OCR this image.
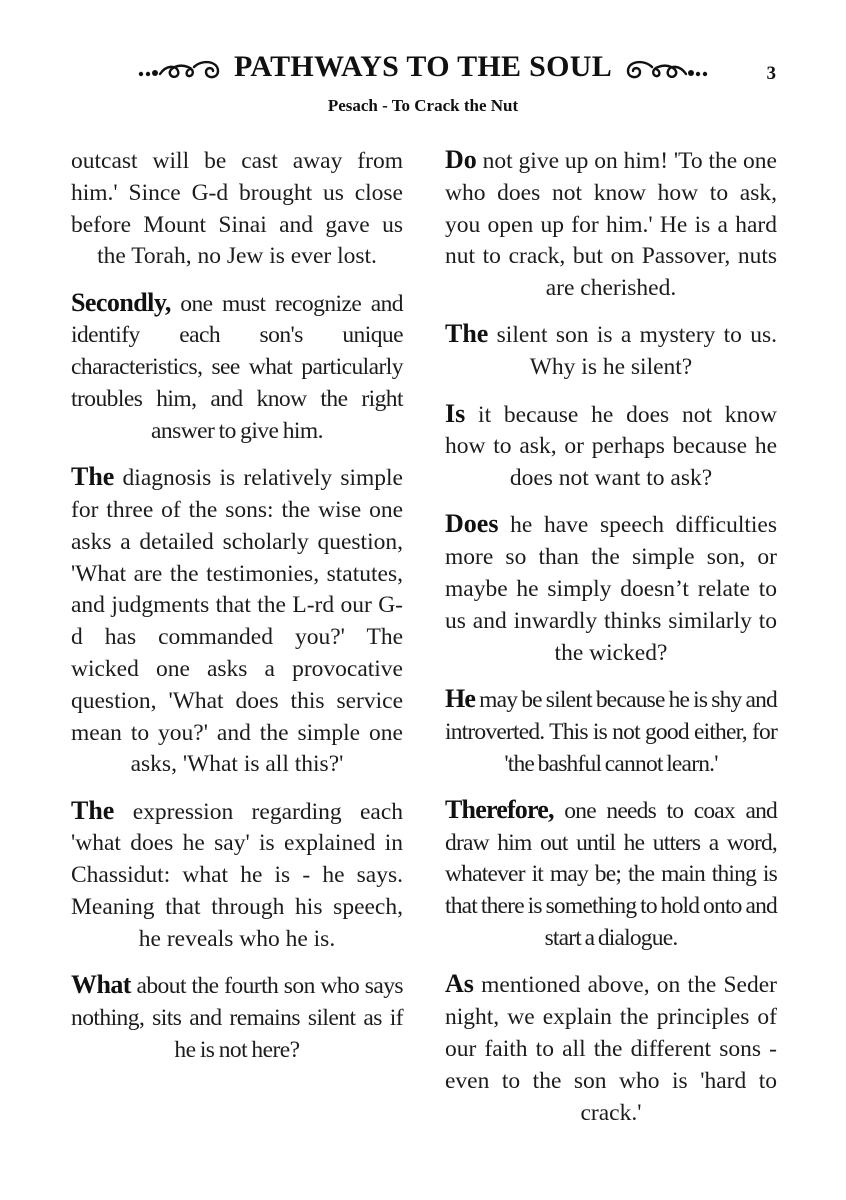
PATHWAYS TO THE SOUL	3
Pesach - To Crack the Nut

outcast will be cast away from him.' Since G-d brought us close before Mount Sinai and gave us the Torah, no Jew is ever lost.

Secondly, one must recognize and identify each son's unique characteristics, see what particularly troubles him, and know the right answer to give him.

The diagnosis is relatively simple for three of the sons: the wise one asks a detailed scholarly question, 'What are the testimonies, statutes, and judgments that the L-rd our G-d has commanded you?' The wicked one asks a provocative question, 'What does this service mean to you?' and the simple one asks, 'What is all this?'

The expression regarding each 'what does he say' is explained in Chassidut: what he is - he says. Meaning that through his speech, he reveals who he is.

What about the fourth son who says nothing, sits and remains silent as if he is not here?

Do not give up on him! 'To the one who does not know how to ask, you open up for him.' He is a hard nut to crack, but on Passover, nuts are cherished.

The silent son is a mystery to us. Why is he silent?

Is it because he does not know how to ask, or perhaps because he does not want to ask?

Does he have speech difficulties more so than the simple son, or maybe he simply doesn’t relate to us and inwardly thinks similarly to the wicked?

He may be silent because he is shy and introverted. This is not good either, for 'the bashful cannot learn.'

Therefore, one needs to coax and draw him out until he utters a word, whatever it may be; the main thing is that there is something to hold onto and start a dialogue.

As mentioned above, on the Seder night, we explain the principles of our faith to all the different sons - even to the son who is 'hard to crack.'
